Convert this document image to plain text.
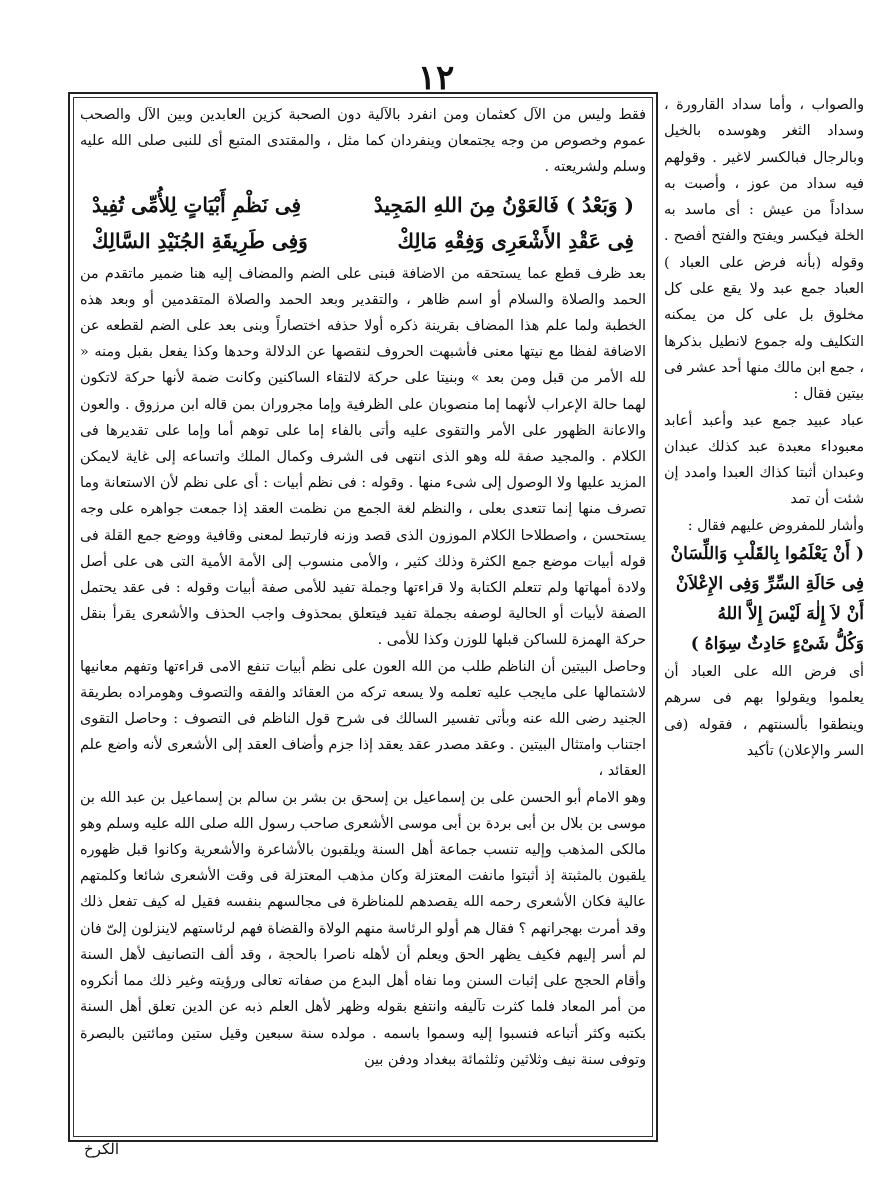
١٢

فقط وليس من الآل كعثمان ومن انفرد بالآلية دون الصحبة كزين العابدين وبين الآل والصحب عموم وخصوص من وجه يجتمعان وينفردان كما مثل ، والمقتدى المتبع أى للنبى صلى الله عليه وسلم ولشريعته .

( وَبَعْدُ ) فَالعَوْنُ مِنَ اللهِ المَجِيدْ
فِى نَظْمِ أَبْيَاتٍ لِلأُمِّى تُفِيدْ
فِى عَقْدِ الأَشْعَرِى وَفِقْهِ مَالِكْ
وَفِى طَرِيقَةِ الجُنَيْدِ السَّالِكْ

بعد ظرف قطع عما يستحقه من الاضافة فبنى على الضم والمضاف إليه هنا ضمير ماتقدم من الحمد والصلاة والسلام أو اسم ظاهر ، والتقدير وبعد الحمد والصلاة المتقدمين أو وبعد هذه الخطبة ولما علم هذا المضاف بقرينة ذكره أولا حذفه اختصاراً وبنى بعد على الضم لقطعه عن الاضافة لفظا مع نيتها معنى فأشبهت الحروف لنقصها عن الدلالة وحدها وكذا يفعل بقبل ومنه « لله الأمر من قبل ومن بعد » وبنيتا على حركة لالتقاء الساكنين وكانت ضمة لأنها حركة لاتكون لهما حالة الإعراب لأنهما إما منصوبان على الظرفية وإما مجروران بمن قاله ابن مرزوق . والعون والاعانة الظهور على الأمر والتقوى عليه وأتى بالفاء إما على توهم أما وإما على تقديرها فى الكلام . والمجيد صفة لله وهو الذى انتهى فى الشرف وكمال الملك واتساعه إلى غاية لايمكن المزيد عليها ولا الوصول إلى شىء منها . وقوله : فى نظم أبيات : أى على نظم لأن الاستعانة وما تصرف منها إنما تتعدى بعلى ، والنظم لغة الجمع من نظمت العقد إذا جمعت جواهره على وجه يستحسن ، واصطلاحا الكلام الموزون الذى قصد وزنه فارتبط لمعنى وقافية ووضع جمع القلة فى قوله أبيات موضع جمع الكثرة وذلك كثير ، والأمى منسوب إلى الأمة الأمية التى هى على أصل ولادة أمهاتها ولم تتعلم الكتابة ولا قراءتها وجملة تفيد للأمى صفة أبيات وقوله : فى عقد يحتمل الصفة لأبيات أو الحالية لوصفه بجملة تفيد فيتعلق بمحذوف واجب الحذف والأشعرى يقرأ بنقل حركة الهمزة للساكن قبلها للوزن وكذا للأمى .

وحاصل البيتين أن الناظم طلب من الله العون على نظم أبيات تنفع الامى قراءتها وتفهم معانيها لاشتمالها على مايجب عليه تعلمه ولا يسعه تركه من العقائد والفقه والتصوف وهومراده بطريقة الجنيد رضى الله عنه وبأتى تفسير السالك فى شرح قول الناظم فى التصوف : وحاصل التقوى اجتناب وامتثال البيتين . وعقد مصدر عقد يعقد إذا جزم وأضاف العقد إلى الأشعرى لأنه واضع علم العقائد ،

وهو الامام أبو الحسن على بن إسماعيل بن إسحق بن بشر بن سالم بن إسماعيل بن عبد الله بن موسى بن بلال بن أبى بردة بن أبى موسى الأشعرى صاحب رسول الله صلى الله عليه وسلم وهو مالكى المذهب وإليه تنسب جماعة أهل السنة ويلقبون بالأشاعرة والأشعرية وكانوا قبل ظهوره يلقبون بالمثبتة إذ أثبتوا مانفت المعتزلة وكان مذهب المعتزلة فى وقت الأشعرى شائعا وكلمتهم عالية فكان الأشعرى رحمه الله يقصدهم للمناظرة فى مجالسهم بنفسه فقيل له كيف تفعل ذلك وقد أمرت بهجرانهم ؟ فقال هم أولو الرئاسة منهم الولاة والقضاة فهم لرئاستهم لاينزلون إلىّ فان لم أسر إليهم فكيف يظهر الحق ويعلم أن لأهله ناصرا بالحجة ، وقد ألف التصانيف لأهل السنة وأقام الحجج على إثبات السنن وما نفاه أهل البدع من صفاته تعالى ورؤيته وغير ذلك مما أنكروه من أمر المعاد فلما كثرت تآليفه وانتفع بقوله وظهر لأهل العلم ذبه عن الدين تعلق أهل السنة بكتبه وكثر أتباعه فنسبوا إليه وسموا باسمه . مولده سنة سبعين وقيل ستين ومائتين بالبصرة وتوفى سنة نيف وثلاثين وثلثمائة ببغداد ودفن بين

والصواب ، وأما سداد القارورة ، وسداد الثغر وهوسده بالخيل وبالرجال فبالكسر لاغير . وقولهم فيه سداد من عوز ، وأصبت به سداداً من عيش : أى ماسد به الخلة فيكسر ويفتح والفتح أفصح . وقوله (بأنه فرض على العباد ) العباد جمع عبد ولا يقع على كل مخلوق بل على كل من يمكنه التكليف وله جموع لانطيل بذكرها ، جمع ابن مالك منها أحد عشر فى بيتين فقال :

عباد عبيد جمع عبد وأعبد أعابد معبوداء معبدة عبد كذلك عبدان وعبدان أثبتا كذاك العبدا وامدد إن شئت أن تمد

وأشار للمفروض عليهم فقال :

( أَنْ يَعْلَمُوا بِالقَلْبِ وَاللِّسَانْ

فِى حَالَةِ السِّرِّ وَفِى الإِعْلاَنْ

أَنْ لاَ إِلٰهَ لَيْسَ إِلاَّ اللهُ

وَكُلُّ شَىْءٍ حَادِثٌ سِوَاهُ )

أى فرض الله على العباد أن يعلموا ويقولوا بهم فى سرهم وينطقوا بألسنتهم ، فقوله (فى السر والإعلان) تأكيد

الكرخ
